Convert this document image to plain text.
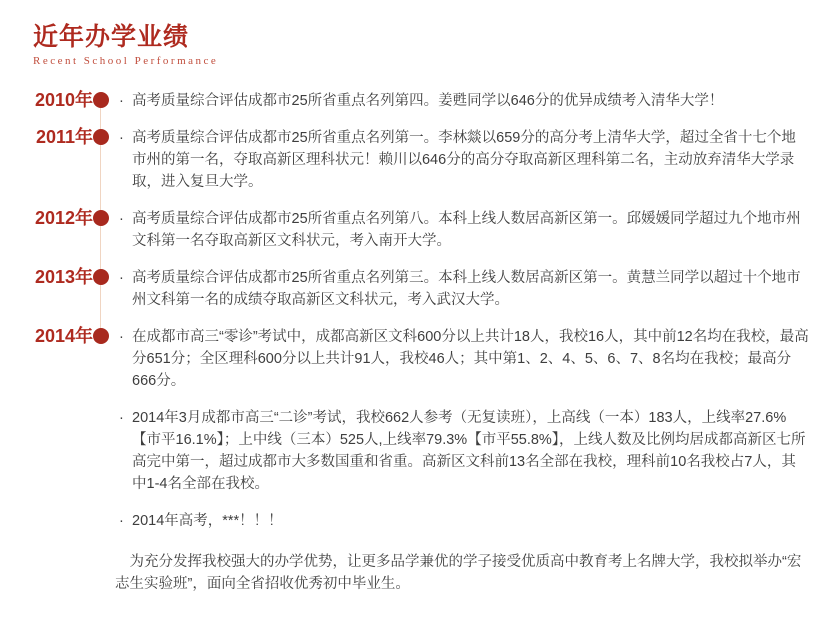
近年办学业绩
Recent School Performance
2010年 · 高考质量综合评估成都市25所省重点名列第四。姜甦同学以646分的优异成绩考入清华大学！

2011年 · 高考质量综合评估成都市25所省重点名列第一。李林燚以659分的高分考上清华大学，超过全省十七个地市州的第一名，夺取高新区理科状元！赖川以646分的高分夺取高新区理科第二名，主动放弃清华大学录取，进入复旦大学。

2012年 · 高考质量综合评估成都市25所省重点名列第八。本科上线人数居高新区第一。邱媛媛同学超过九个地市州文科第一名夺取高新区文科状元，考入南开大学。

2013年 · 高考质量综合评估成都市25所省重点名列第三。本科上线人数居高新区第一。黄慧兰同学以超过十个地市州文科第一名的成绩夺取高新区文科状元，考入武汉大学。

2014年 · 在成都市高三“零诊”考试中，成都高新区文科600分以上共计18人，我校16人，其中前12名均在我校，最高分651分；全区理科600分以上共计91人，我校46人；其中第1、2、4、5、6、7、8名均在我校；最高分666分。

· 2014年3月成都市高三“二诊”考试，我校662人参考（无复读班），上高线（一本）183人，上线率27.6%【市平16.1%】；上中线（三本）525人,上线率79.3%【市平55.8%】，上线人数及比例均居成都高新区七所高完中第一，超过成都市大多数国重和省重。高新区文科前13名全部在我校，理科前10名我校占7人，其中1-4名全部在我校。

· 2014年高考，***！！！

为充分发挥我校强大的办学优势，让更多品学兼优的学子接受优质高中教育考上名牌大学，我校拟举办“宏志生实验班”，面向全省招收优秀初中毕业生。
